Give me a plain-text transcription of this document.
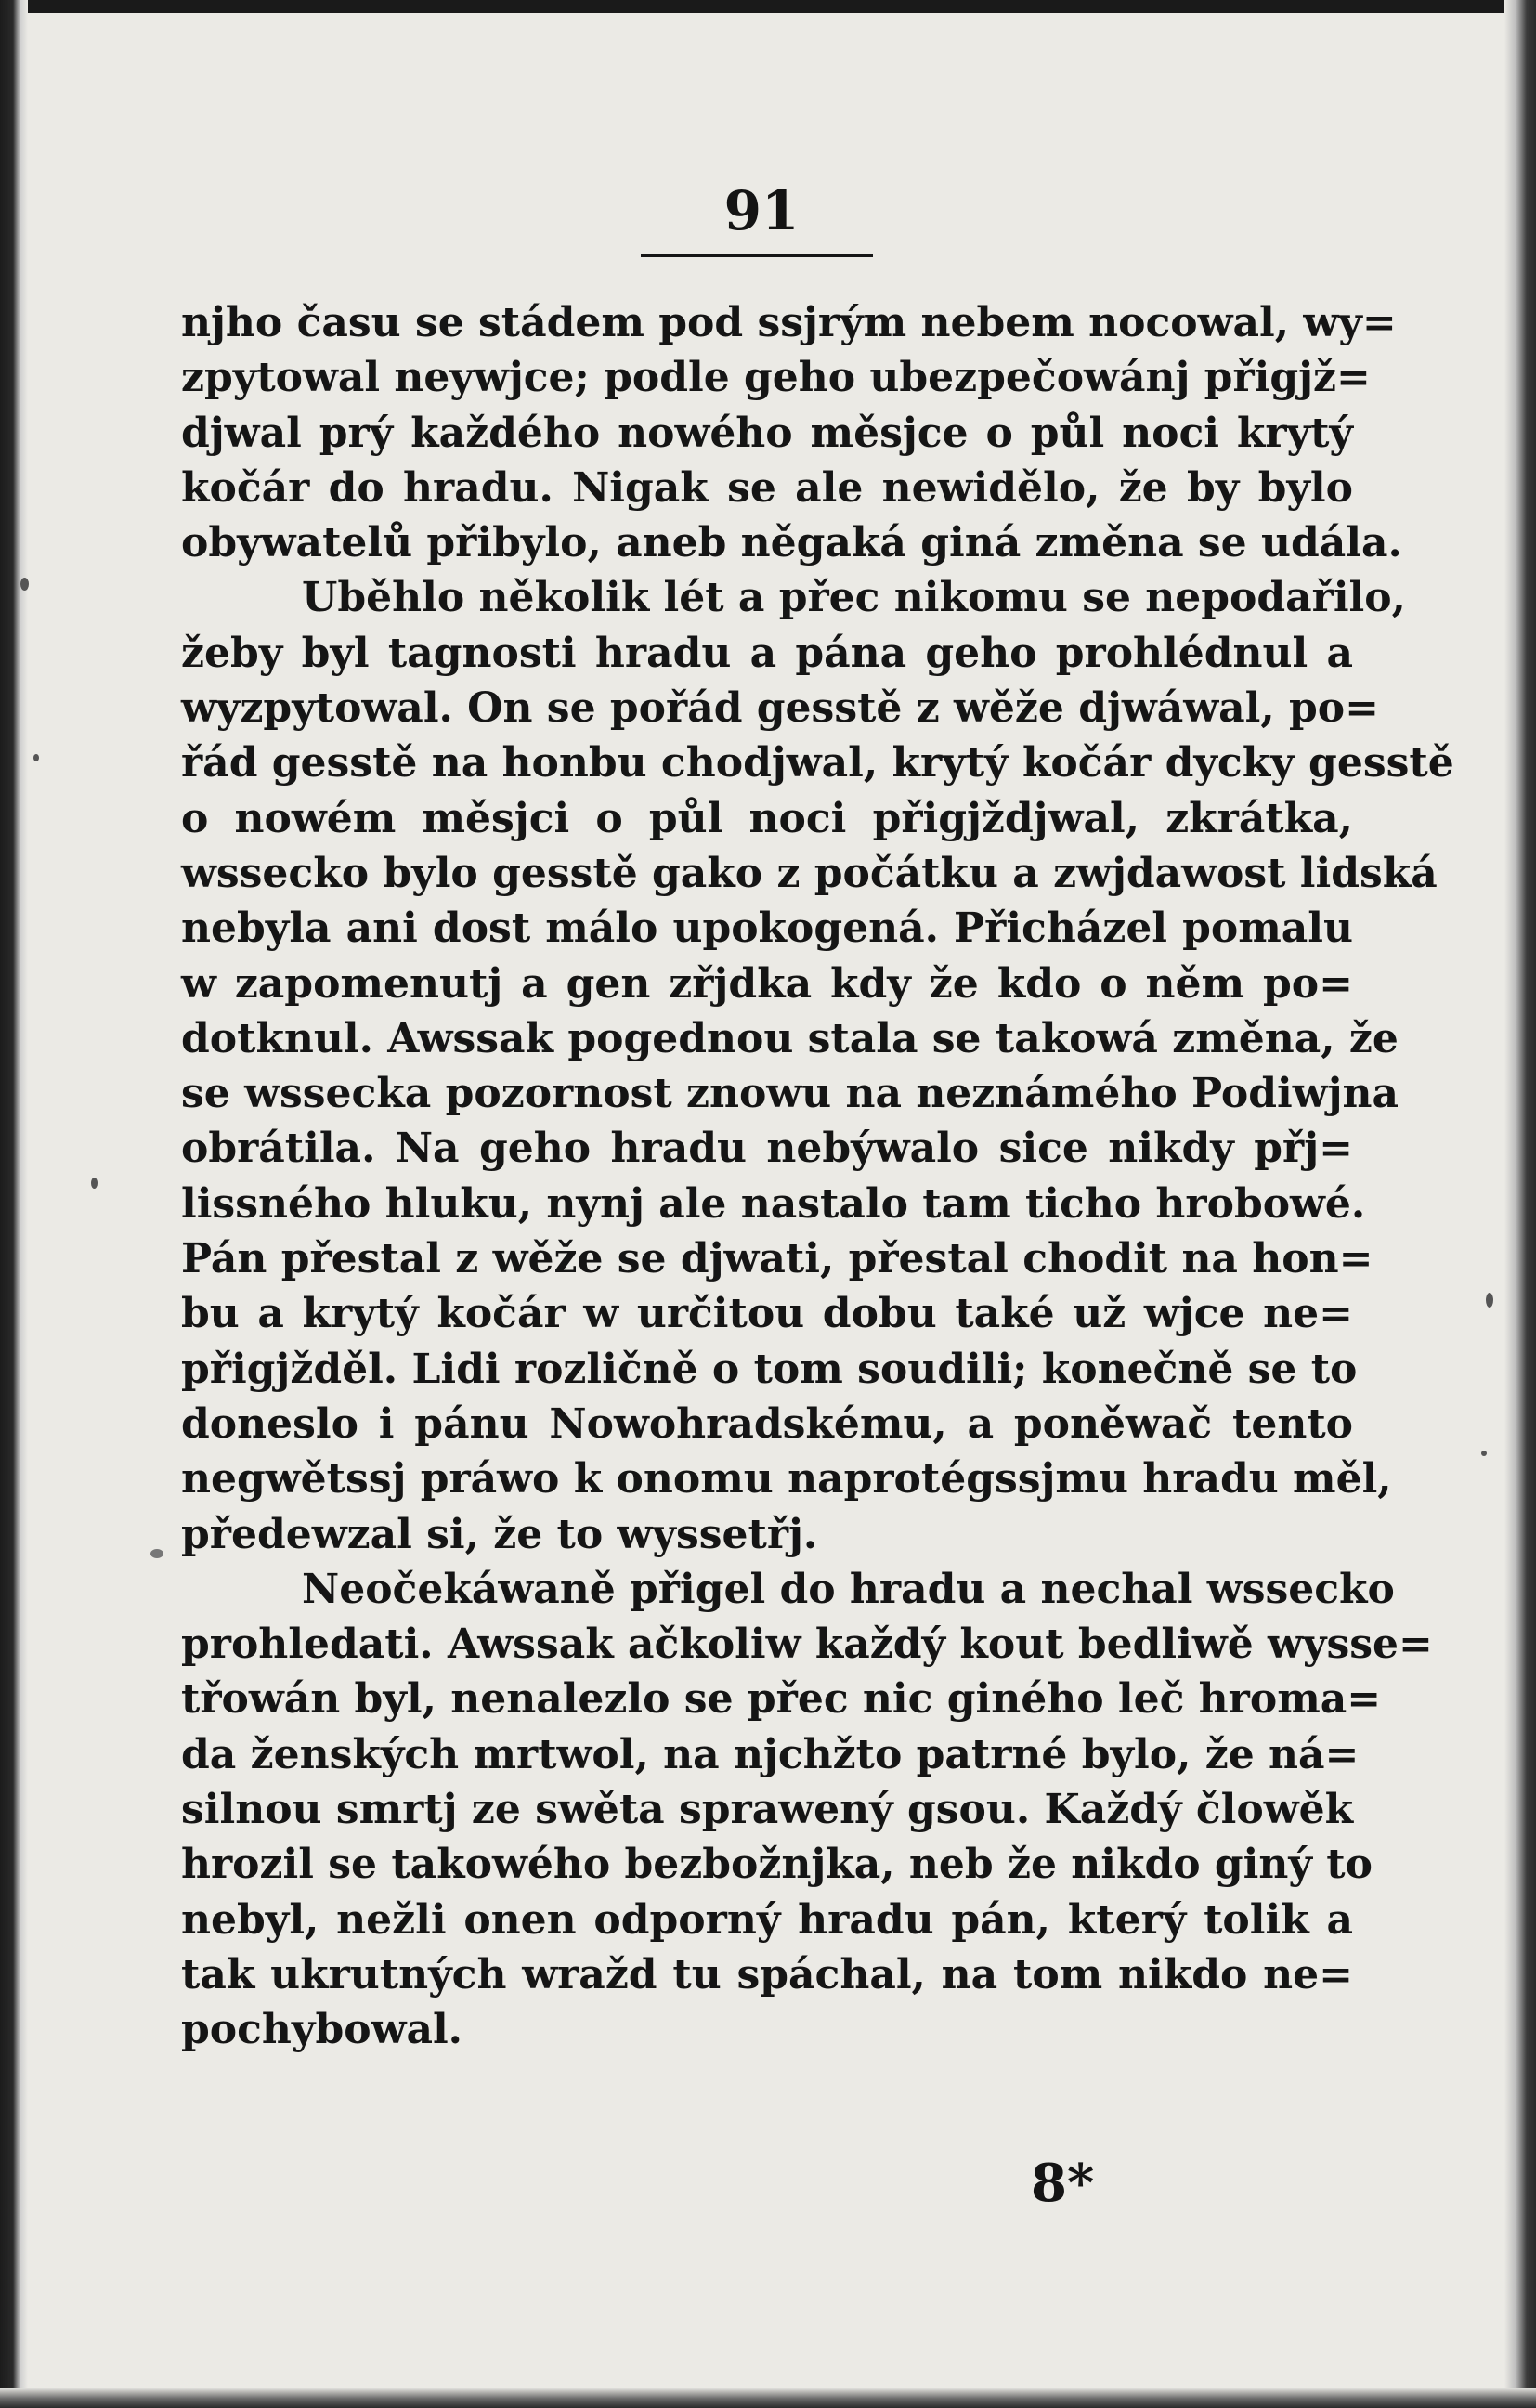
91
njho času se stádem pod ssjrým nebem nocowal, wy=
zpytowal neywjce; podle geho ubezpečowánj přigjž=
djwal prý každého nowého měsjce o půl noci krytý
kočár do hradu. Nigak se ale newidělo, že by bylo
obywatelů přibylo, aneb něgaká giná změna se udála.
Uběhlo několik lét a přec nikomu se nepodařilo,
žeby byl tagnosti hradu a pána geho prohlédnul a
wyzpytowal. On se pořád gesstě z wěže djwáwal, po=
řád gesstě na honbu chodjwal, krytý kočár dycky gesstě
o nowém měsjci o půl noci přigjždjwal, zkrátka,
wssecko bylo gesstě gako z počátku a zwjdawost lidská
nebyla ani dost málo upokogená. Přicházel pomalu
w zapomenutj a gen zřjdka kdy že kdo o něm po=
dotknul. Awssak pogednou stala se takowá změna, že
se wssecka pozornost znowu na neznámého Podiwjna
obrátila. Na geho hradu nebýwalo sice nikdy přj=
lissného hluku, nynj ale nastalo tam ticho hrobowé.
Pán přestal z wěže se djwati, přestal chodit na hon=
bu a krytý kočár w určitou dobu také už wjce ne=
přigjžděl. Lidi rozličně o tom soudili; konečně se to
doneslo i pánu Nowohradskému, a poněwač tento
negwětssj práwo k onomu naprotégssjmu hradu měl,
předewzal si, že to wyssetřj.
Neočekáwaně přigel do hradu a nechal wssecko
prohledati. Awssak ačkoliw každý kout bedliwě wysse=
třowán byl, nenalezlo se přec nic giného leč hroma=
da ženských mrtwol, na njchžto patrné bylo, že ná=
silnou smrtj ze swěta sprawený gsou. Každý člowěk
hrozil se takowého bezbožnjka, neb že nikdo giný to
nebyl, nežli onen odporný hradu pán, který tolik a
tak ukrutných wražd tu spáchal, na tom nikdo ne=
pochybowal.
8*
